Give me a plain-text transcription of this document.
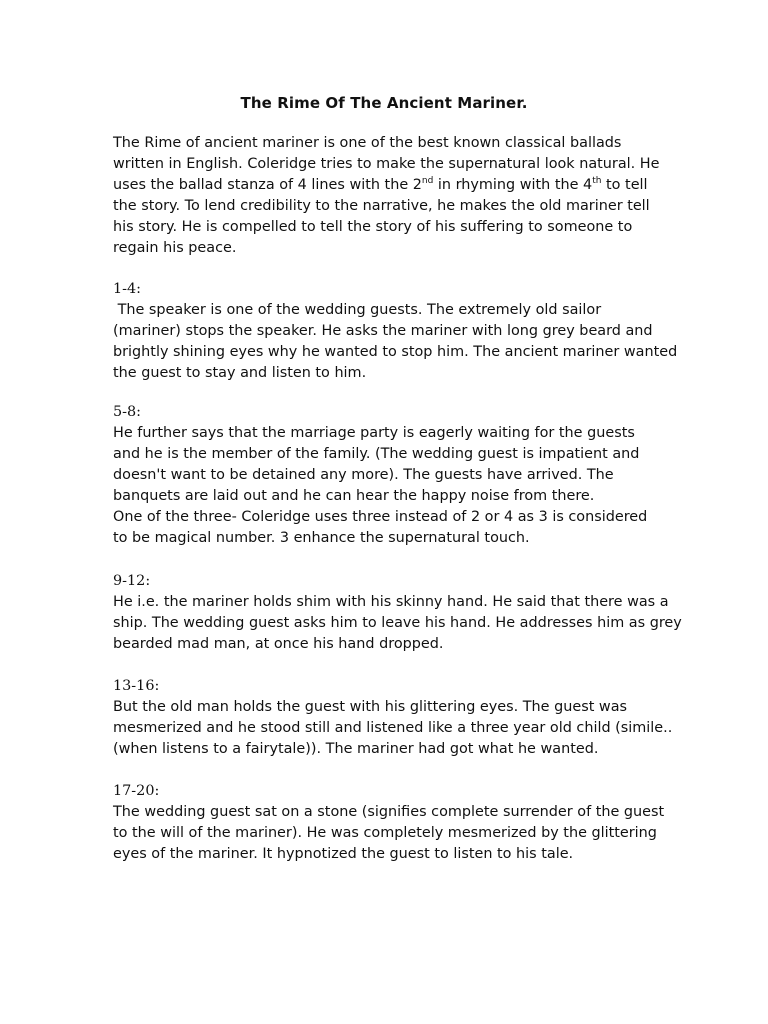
The Rime Of The Ancient Mariner.
The Rime of ancient mariner is one of the best known classical ballads
written in English. Coleridge tries to make the supernatural look natural. He
uses the ballad stanza of 4 lines with the 2nd in rhyming with the 4th to tell
the story. To lend credibility to the narrative, he makes the old mariner tell
his story. He is compelled to tell the story of his suffering to someone to
regain his peace.
1-4:
The speaker is one of the wedding guests. The extremely old sailor
(mariner) stops the speaker. He asks the mariner with long grey beard and
brightly shining eyes why he wanted to stop him. The ancient mariner wanted
the guest to stay and listen to him.
5-8:
He further says that the marriage party is eagerly waiting for the guests
and he is the member of the family. (The wedding guest is impatient and
doesn't want to be detained any more). The guests have arrived. The
banquets are laid out and he can hear the happy noise from there.
One of the three- Coleridge uses three instead of 2 or 4 as 3 is considered
to be magical number. 3 enhance the supernatural touch.
9-12:
He i.e. the mariner holds shim with his skinny hand. He said that there was a
ship. The wedding guest asks him to leave his hand. He addresses him as grey
bearded mad man, at once his hand dropped.
13-16:
But the old man holds the guest with his glittering eyes. The guest was
mesmerized and he stood still and listened like a three year old child (simile..
(when listens to a fairytale)). The mariner had got what he wanted.
17-20:
The wedding guest sat on a stone (signifies complete surrender of the guest
to the will of the mariner). He was completely mesmerized by the glittering
eyes of the mariner. It hypnotized the guest to listen to his tale.
